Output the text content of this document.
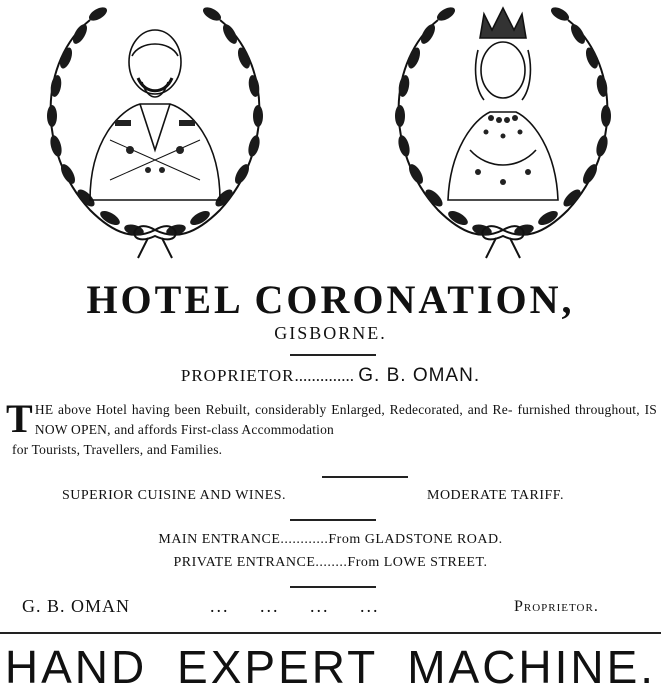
HOTEL CORONATION,
GISBORNE.
PROPRIETOR.............. G. B. OMAN.
T HE above Hotel having been Rebuilt, considerably Enlarged, Redecorated, and Re- furnished throughout, IS NOW OPEN, and affords First-class Accommodation
for Tourists, Travellers, and Families.
SUPERIOR CUISINE AND WINES.	MODERATE TARIFF.
MAIN ENTRANCE............From GLADSTONE ROAD.
PRIVATE ENTRANCE........From LOWE STREET.
G. B. OMAN	... ... ... ...	Proprietor.
HAND EXPERT MACHINE.
